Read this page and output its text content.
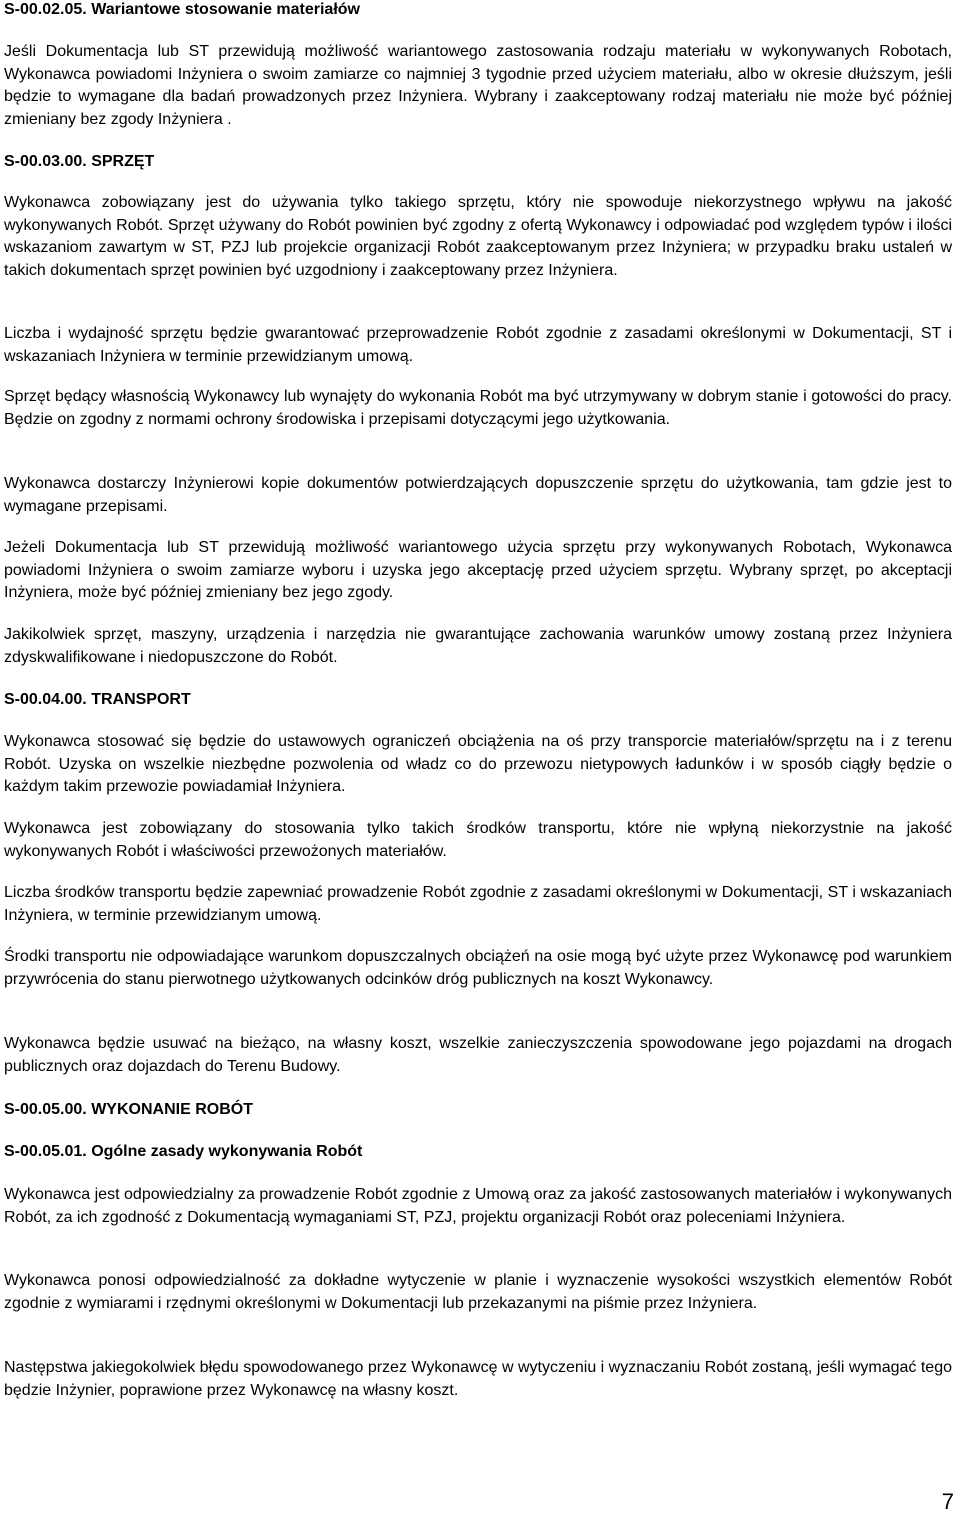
S-00.02.05. Wariantowe stosowanie materiałów

Jeśli Dokumentacja lub ST przewidują możliwość wariantowego zastosowania rodzaju materiału w wykonywanych Robotach, Wykonawca powiadomi Inżyniera o swoim zamiarze co najmniej 3 tygodnie przed użyciem materiału, albo w okresie dłuższym, jeśli będzie to wymagane dla badań prowadzonych przez Inżyniera. Wybrany i zaakceptowany rodzaj materiału nie może być później zmieniany bez zgody Inżyniera .

S-00.03.00. SPRZĘT

Wykonawca zobowiązany jest do używania tylko takiego sprzętu, który nie spowoduje niekorzystnego wpływu na jakość wykonywanych Robót. Sprzęt używany do Robót powinien być zgodny z ofertą Wykonawcy i odpowiadać pod względem typów i ilości wskazaniom zawartym w ST, PZJ lub projekcie organizacji Robót zaakceptowanym przez Inżyniera; w przypadku braku ustaleń w takich dokumentach sprzęt powinien być uzgodniony i zaakceptowany przez Inżyniera.

Liczba i wydajność sprzętu będzie gwarantować przeprowadzenie Robót zgodnie z zasadami określonymi w Dokumentacji, ST i wskazaniach Inżyniera w terminie przewidzianym umową.

Sprzęt będący własnością Wykonawcy lub wynajęty do wykonania Robót ma być utrzymywany w dobrym stanie i gotowości do pracy. Będzie on zgodny z normami ochrony środowiska i przepisami dotyczącymi jego użytkowania.

Wykonawca dostarczy Inżynierowi kopie dokumentów potwierdzających dopuszczenie sprzętu do użytkowania, tam gdzie jest to wymagane przepisami.

Jeżeli Dokumentacja lub ST przewidują możliwość wariantowego użycia sprzętu przy wykonywanych Robotach, Wykonawca powiadomi Inżyniera o swoim zamiarze wyboru i uzyska jego akceptację przed użyciem sprzętu. Wybrany sprzęt, po akceptacji Inżyniera, może być później zmieniany bez jego zgody.

Jakikolwiek sprzęt, maszyny, urządzenia i narzędzia nie gwarantujące zachowania warunków umowy zostaną przez Inżyniera zdyskwalifikowane i niedopuszczone do Robót.

S-00.04.00. TRANSPORT

Wykonawca stosować się będzie do ustawowych ograniczeń obciążenia na oś przy transporcie materiałów/sprzętu na i z terenu Robót. Uzyska on wszelkie niezbędne pozwolenia od władz co do przewozu nietypowych ładunków i w sposób ciągły będzie o każdym takim przewozie powiadamiał Inżyniera.

Wykonawca jest zobowiązany do stosowania tylko takich środków transportu, które nie wpłyną niekorzystnie na jakość wykonywanych Robót i właściwości przewożonych materiałów.

Liczba środków transportu będzie zapewniać prowadzenie Robót zgodnie z zasadami określonymi w Dokumentacji, ST i wskazaniach Inżyniera, w terminie przewidzianym umową.

Środki transportu nie odpowiadające warunkom dopuszczalnych obciążeń na osie mogą być użyte przez Wykonawcę pod warunkiem przywrócenia do stanu pierwotnego użytkowanych odcinków dróg publicznych na koszt Wykonawcy.

Wykonawca będzie usuwać na bieżąco, na własny koszt, wszelkie zanieczyszczenia spowodowane jego pojazdami na drogach publicznych oraz dojazdach do Terenu Budowy.

S-00.05.00. WYKONANIE ROBÓT
S-00.05.01. Ogólne zasady wykonywania Robót

Wykonawca jest odpowiedzialny za prowadzenie Robót zgodnie z Umową oraz za jakość zastosowanych materiałów i wykonywanych Robót, za ich zgodność z Dokumentacją wymaganiami ST, PZJ, projektu organizacji Robót oraz poleceniami Inżyniera.

Wykonawca ponosi odpowiedzialność za dokładne wytyczenie w planie i wyznaczenie wysokości wszystkich elementów Robót zgodnie z wymiarami i rzędnymi określonymi w Dokumentacji lub przekazanymi na piśmie przez Inżyniera.

Następstwa jakiegokolwiek błędu spowodowanego przez Wykonawcę w wytyczeniu i wyznaczaniu Robót zostaną, jeśli wymagać tego będzie Inżynier, poprawione przez Wykonawcę na własny koszt.

7
